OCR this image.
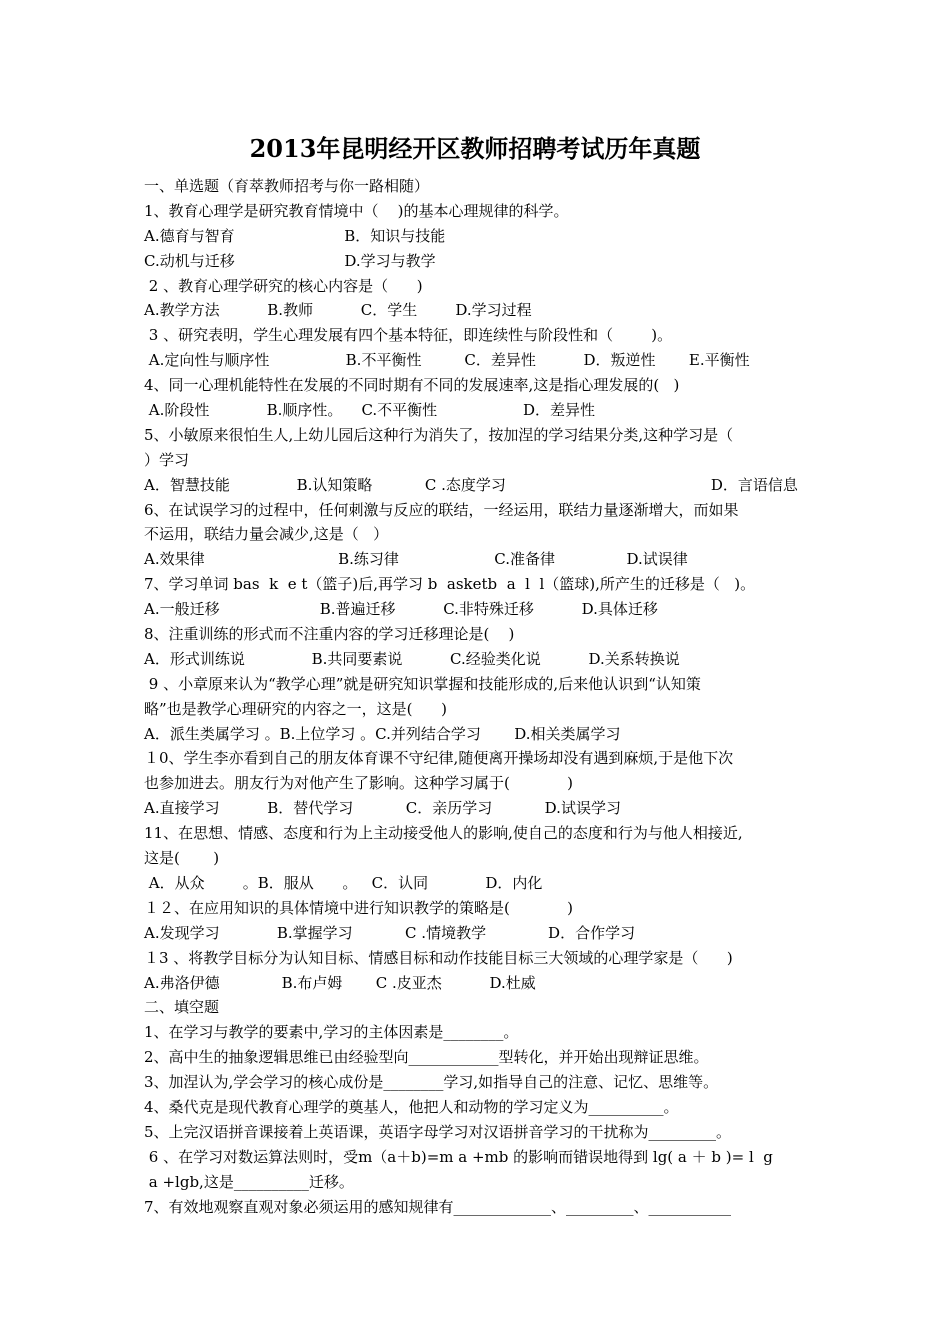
2013年昆明经开区教师招聘考试历年真题
一、单选题（育萃教师招考与你一路相随）
1、教育心理学是研究教育情境中（    )的基本心理规律的科学。
A.德育与智育                       B．知识与技能
C.动机与迁移                       D.学习与教学
2 、教育心理学研究的核心内容是（      )
A.教学方法          B.教师          C．学生        D.学习过程
3 、研究表明，学生心理发展有四个基本特征，即连续性与阶段性和（        )。
A.定向性与顺序性                B.不平衡性         C．差异性          D．叛逆性       E.平衡性
4、同一心理机能特性在发展的不同时期有不同的发展速率,这是指心理发展的(   )
A.阶段性            B.顺序性。    C.不平衡性                  D．差异性
5、小敏原来很怕生人,上幼儿园后这种行为消失了，按加涅的学习结果分类,这种学习是（
）学习
A．智慧技能              B.认知策略           C .态度学习                                           D．言语信息
6、在试误学习的过程中，任何刺激与反应的联结，一经运用，联结力量逐渐增大，而如果
不运用，联结力量会减少,这是（   ）
A.效果律                            B.练习律                    C.准备律               D.试误律
7、学习单词 bas  k  e t（篮子)后,再学习 b  asketb  a  l  l（篮球),所产生的迁移是（   )。
A.一般迁移                     B.普遍迁移          C.非特殊迁移          D.具体迁移
8、注重训练的形式而不注重内容的学习迁移理论是(    )
A．形式训练说              B.共同要素说          C.经验类化说          D.关系转换说
9 、小章原来认为“教学心理”就是研究知识掌握和技能形成的,后来他认识到“认知策
略”也是教学心理研究的内容之一，这是(      )
A．派生类属学习 。B.上位学习 。C.并列结合学习       D.相关类属学习
１0、学生李亦看到自己的朋友体育课不守纪律,随便离开操场却没有遇到麻烦,于是他下次
也参加进去。朋友行为对他产生了影响。这种学习属于(            )
A.直接学习          B．替代学习           C．亲历学习           D.试误学习
11、在思想、情感、态度和行为上主动接受他人的影响,使自己的态度和行为与他人相接近,
这是(       )
A．从众        。B．服从      。   C．认同            D．内化
１２、在应用知识的具体情境中进行知识教学的策略是(            )
A.发现学习            B.掌握学习           C .情境教学             D．合作学习
１3 、将教学目标分为认知目标、情感目标和动作技能目标三大领域的心理学家是（      )
A.弗洛伊德             B.布卢姆       C .皮亚杰          D.杜威
二、填空题
1、在学习与教学的要素中,学习的主体因素是________。
2、高中生的抽象逻辑思维已由经验型向____________型转化，并开始出现辩证思维。
3、加涅认为,学会学习的核心成份是________学习,如指导自己的注意、记忆、思维等。
4、桑代克是现代教育心理学的奠基人，他把人和动物的学习定义为__________。
5、上完汉语拼音课接着上英语课，英语字母学习对汉语拼音学习的干扰称为_________。
6 、在学习对数运算法则时，受m（a＋b)=m a +mb 的影响而错误地得到 lg( a ＋ b )= l  g
a +lgb,这是__________迁移。
7、有效地观察直观对象必须运用的感知规律有_____________、_________、___________
